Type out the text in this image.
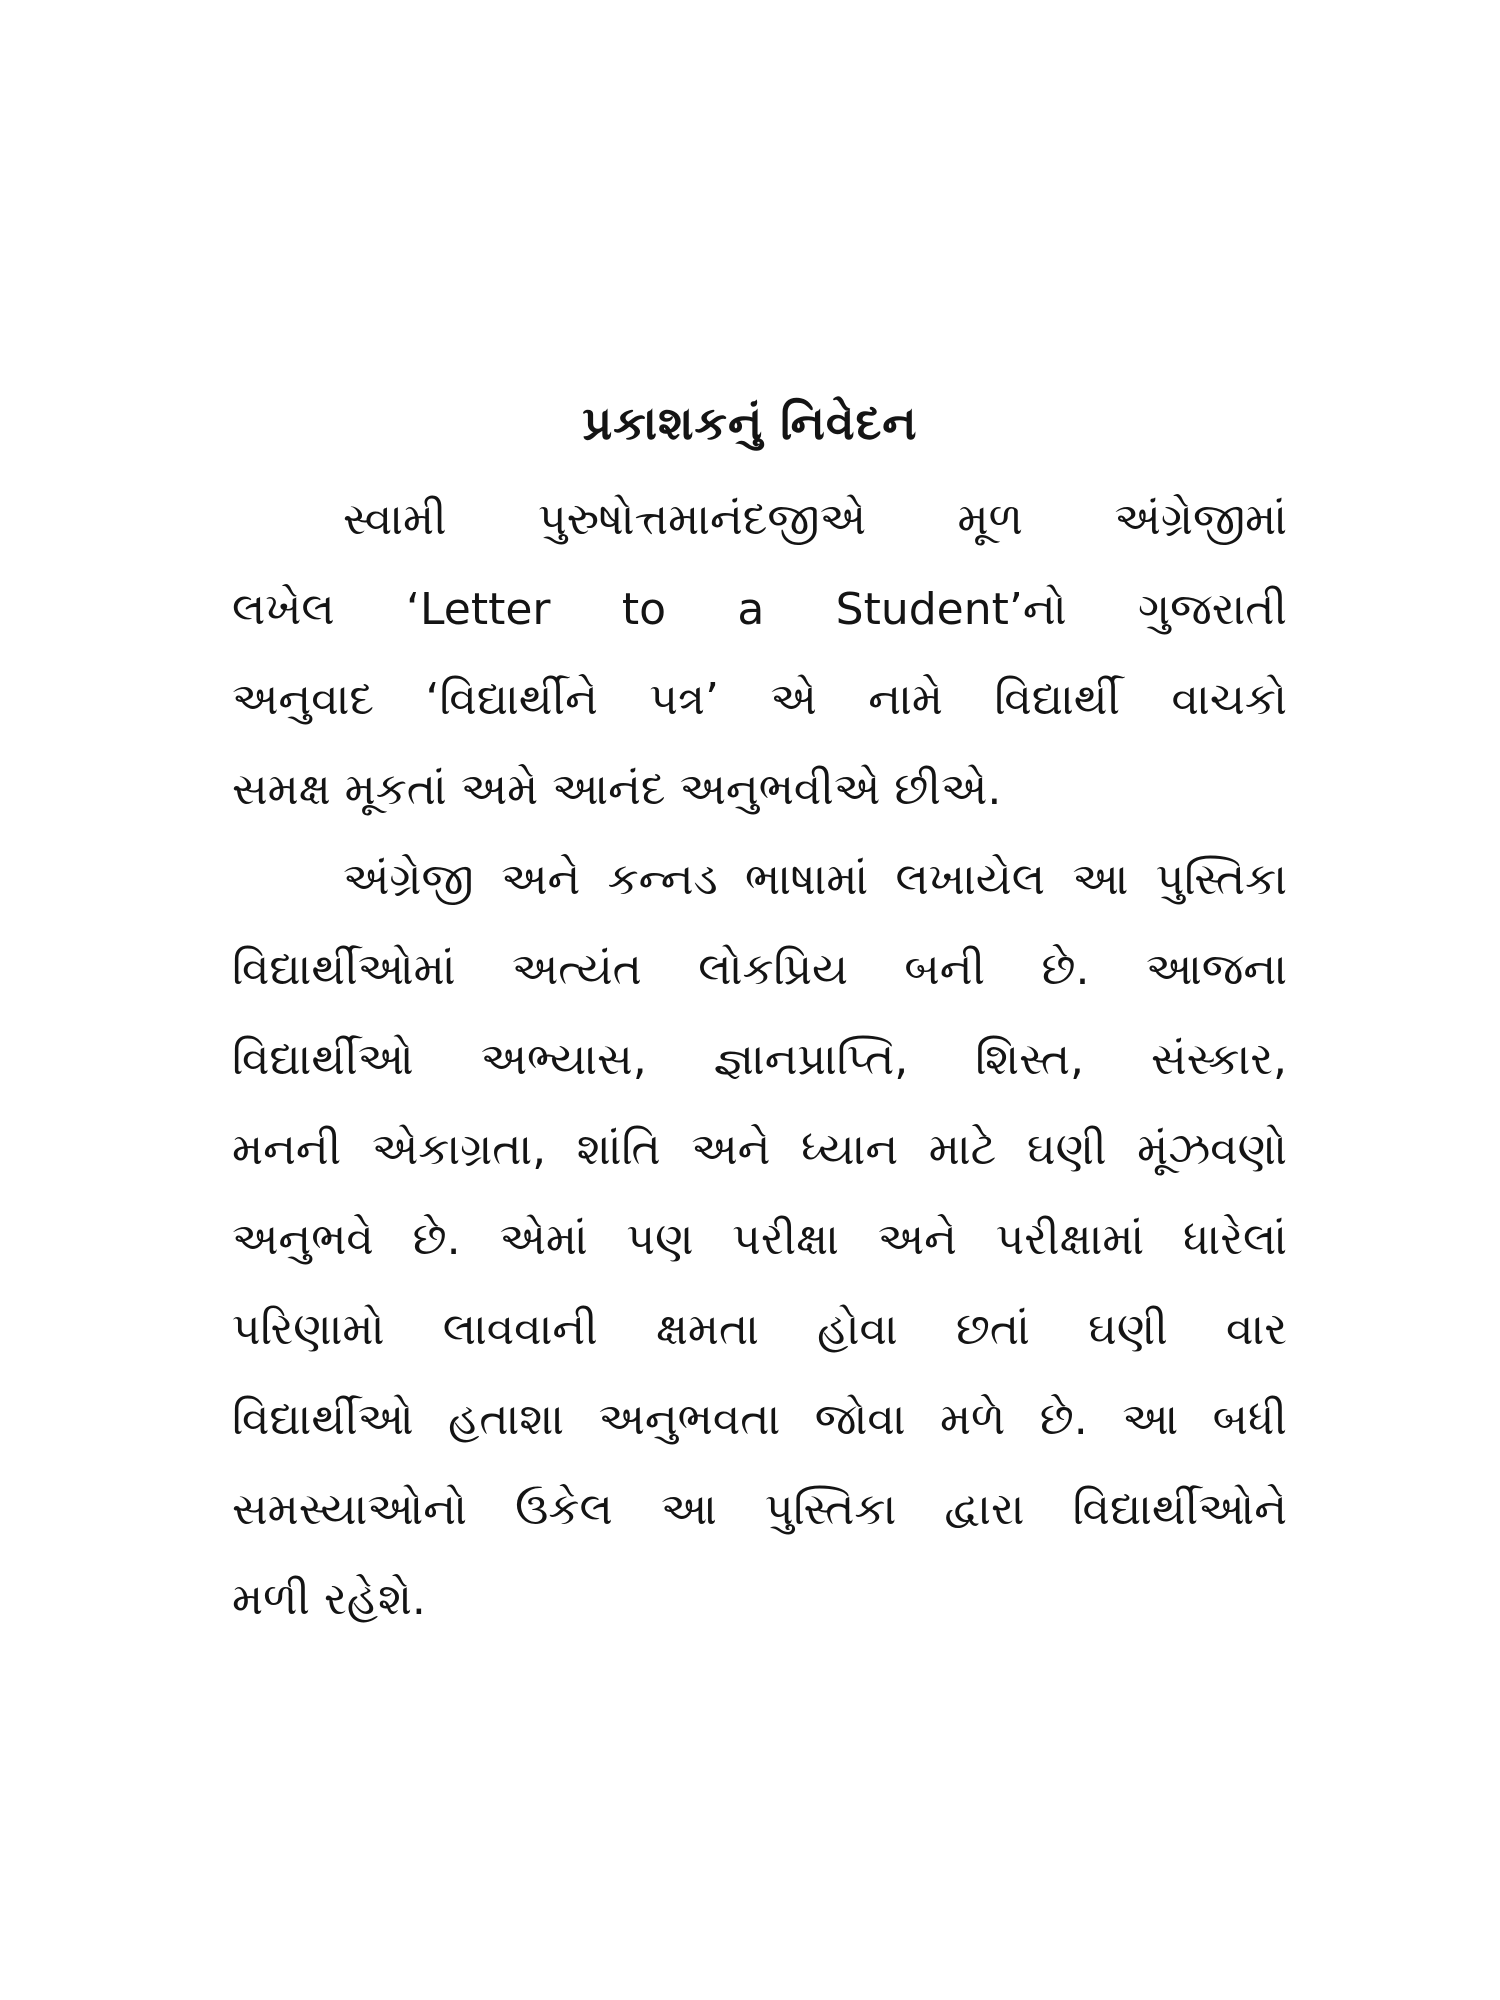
પ્રકાશકનું નિવેદન
સ્વામી પુરુષોત્તમાનંદજીએ મૂળ અંગ્રેજીમાં
લખેલ ‘Letter to a Student’નો ગુજરાતી
અનુવાદ ‘વિદ્યાર્થીને પત્ર’ એ નામે વિદ્યાર્થી વાચકો
સમક્ષ મૂકતાં અમે આનંદ અનુભવીએ છીએ.
અંગ્રેજી અને કન્નડ ભાષામાં લખાયેલ આ પુસ્તિકા
વિદ્યાર્થીઓમાં અત્યંત લોકપ્રિય બની છે. આજના
વિદ્યાર્થીઓ અભ્યાસ, જ્ઞાનપ્રાપ્તિ, શિસ્ત, સંસ્કાર,
મનની એકાગ્રતા, શાંતિ અને ધ્યાન માટે ઘણી મૂંઝવણો
અનુભવે છે. એમાં પણ પરીક્ષા અને પરીક્ષામાં ધારેલાં
પરિણામો લાવવાની ક્ષમતા હોવા છતાં ઘણી વાર
વિદ્યાર્થીઓ હતાશા અનુભવતા જોવા મળે છે. આ બધી
સમસ્યાઓનો ઉકેલ આ પુસ્તિકા દ્વારા વિદ્યાર્થીઓને
મળી રહેશે.
